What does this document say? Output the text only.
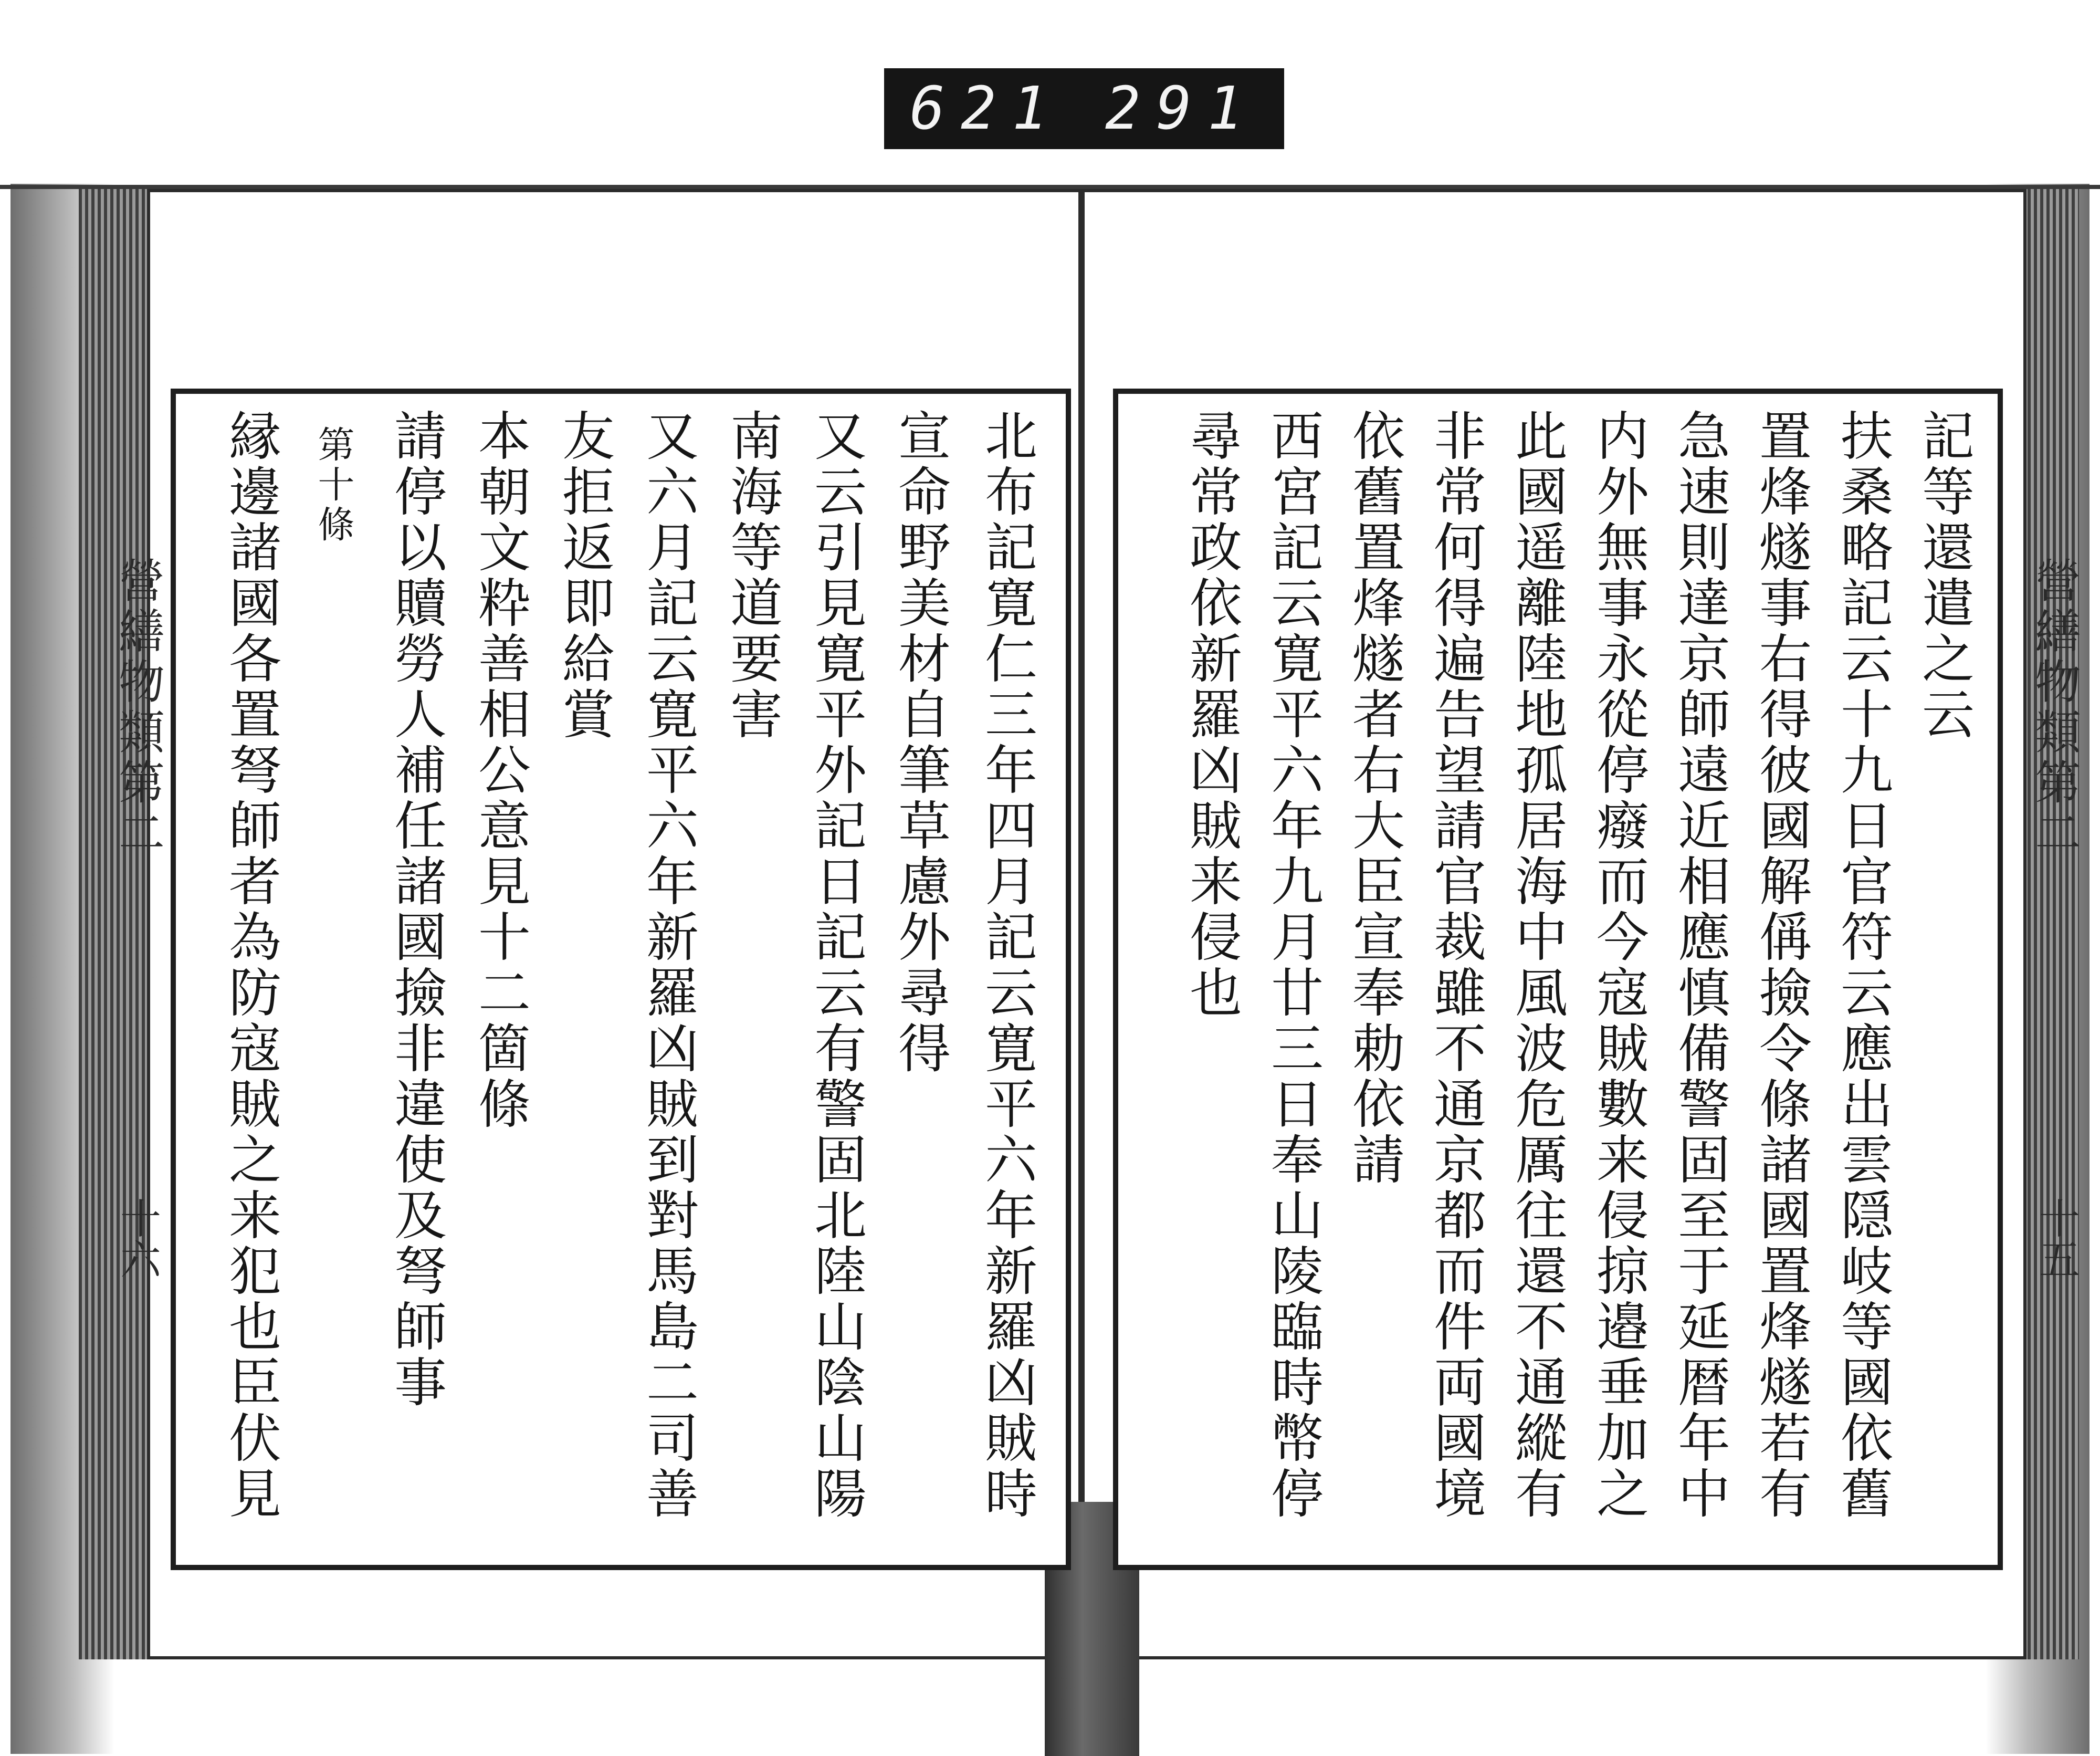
621 291
營繕物類第二
十六
營繕物類第二
十五
北布記寛仁三年四月記云寛平六年新羅凶賊時
宣命野美材自筆草慮外尋得
又云引見寛平外記日記云有警固北陸山陰山陽
南海等道要害
又六月記云寛平六年新羅凶賊到對馬島二司善
友拒返即給賞
本朝文粋善相公意見十二箇條
請停以贖勞人補任諸國撿非違使及弩師事
第十條
縁邊諸國各置弩師者為防寇賊之来犯也臣伏見	記等還遣之云
扶桑略記云十九日官符云應出雲隠岐等國依舊
置烽燧事右得彼國解偁撿令條諸國置烽燧若有
急速則達京師遠近相應慎備警固至于延暦年中
内外無事永從停癈而今寇賊數来侵掠邉垂加之
此國遥離陸地孤居海中風波危厲往還不通縱有
非常何得遍告望請官裁雖不通京都而件両國境
依舊置烽燧者右大臣宣奉勅依請
西宮記云寛平六年九月廿三日奉山陵臨時幣停
尋常政依新羅凶賊来侵也
